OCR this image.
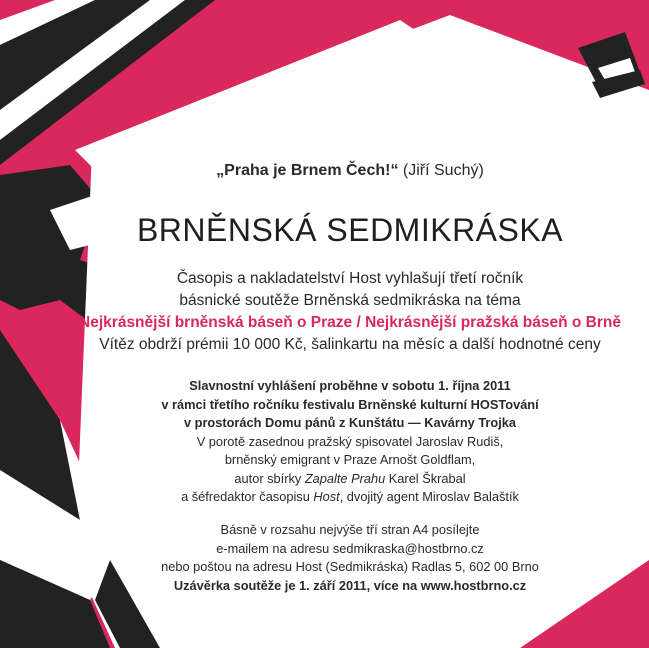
„Praha je Brnem Čech!“ (Jiří Suchý)
BRNĚNSKÁ SEDMIKRÁSKA
Časopis a nakladatelství Host vyhlašují třetí ročník
básnické soutěže Brněnská sedmikráska na téma
Nejkrásnější brněnská báseň o Praze / Nejkrásnější pražská báseň o Brně
Vítěz obdrží prémii 10 000 Kč, šalinkartu na měsíc a další hodnotné ceny
Slavnostní vyhlášení proběhne v sobotu 1. října 2011
v rámci třetího ročníku festivalu Brněnské kulturní HOSTování
v prostorách Domu pánů z Kunštátu — Kavárny Trojka
V porotě zasednou pražský spisovatel Jaroslav Rudiš,
brněnský emigrant v Praze Arnošt Goldflam,
autor sbírky Zapalte Prahu Karel Škrabal
a šéfredaktor časopisu Host, dvojitý agent Miroslav Balaštík
Básně v rozsahu nejvýše tří stran A4 posílejte
e-mailem na adresu sedmikraska@hostbrno.cz
nebo poštou na adresu Host (Sedmikráska) Radlas 5, 602 00 Brno
Uzávěrka soutěže je 1. září 2011, více na www.hostbrno.cz
